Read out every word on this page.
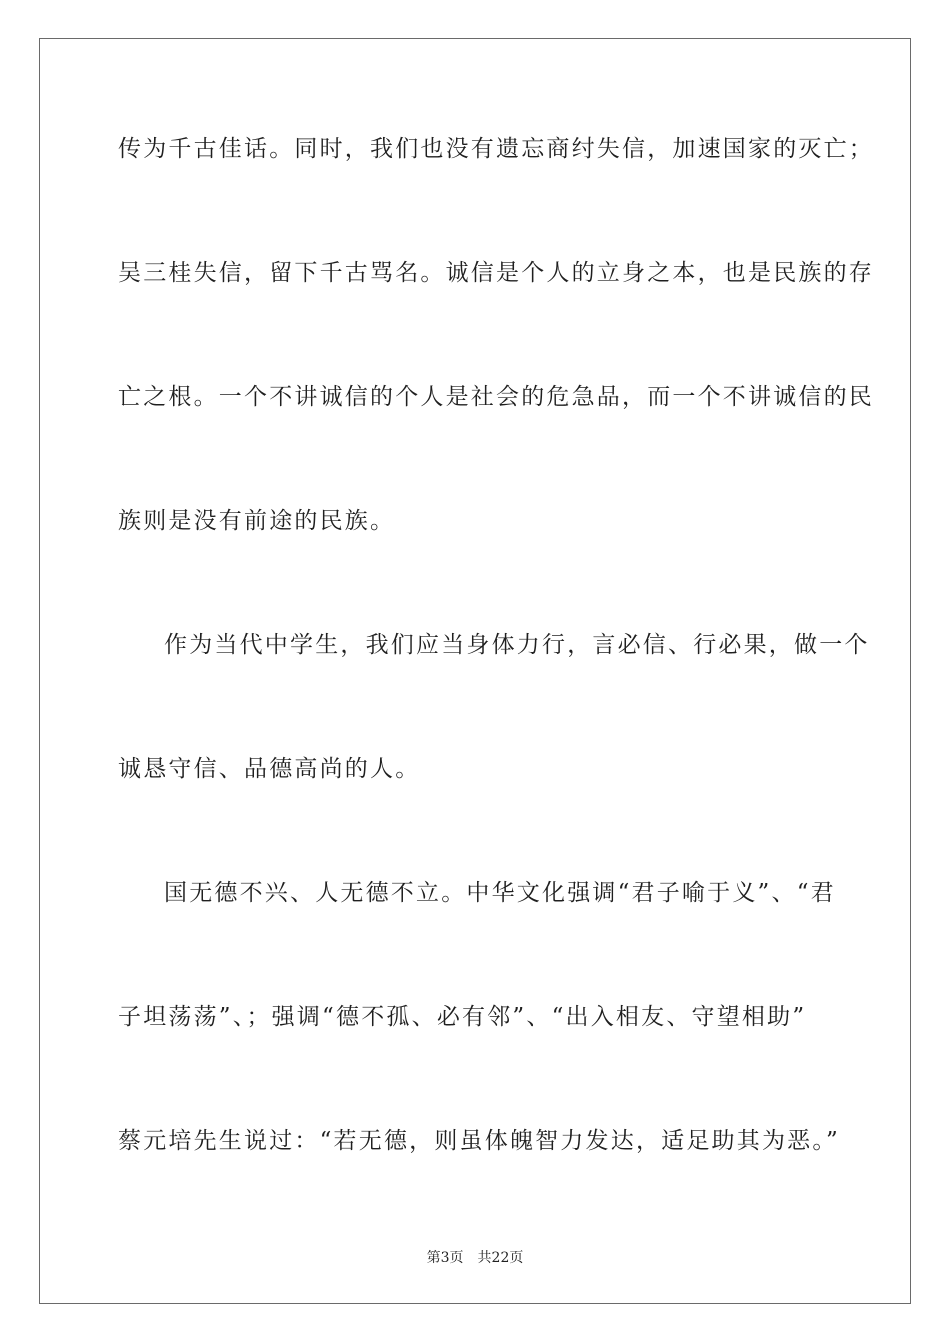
传为千古佳话。同时，我们也没有遗忘商纣失信，加速国家的灭亡；
吴三桂失信，留下千古骂名。诚信是个人的立身之本，也是民族的存
亡之根。一个不讲诚信的个人是社会的危急品，而一个不讲诚信的民
族则是没有前途的民族。
作为当代中学生，我们应当身体力行，言必信、行必果，做一个
诚恳守信、品德高尚的人。
国无德不兴、人无德不立。中华文化强调“君子喻于义”、“君
子坦荡荡”、；强调“德不孤、必有邻”、“出入相友、守望相助”
蔡元培先生说过：“若无德，则虽体魄智力发达，适足助其为恶。”
第3页 共22页
